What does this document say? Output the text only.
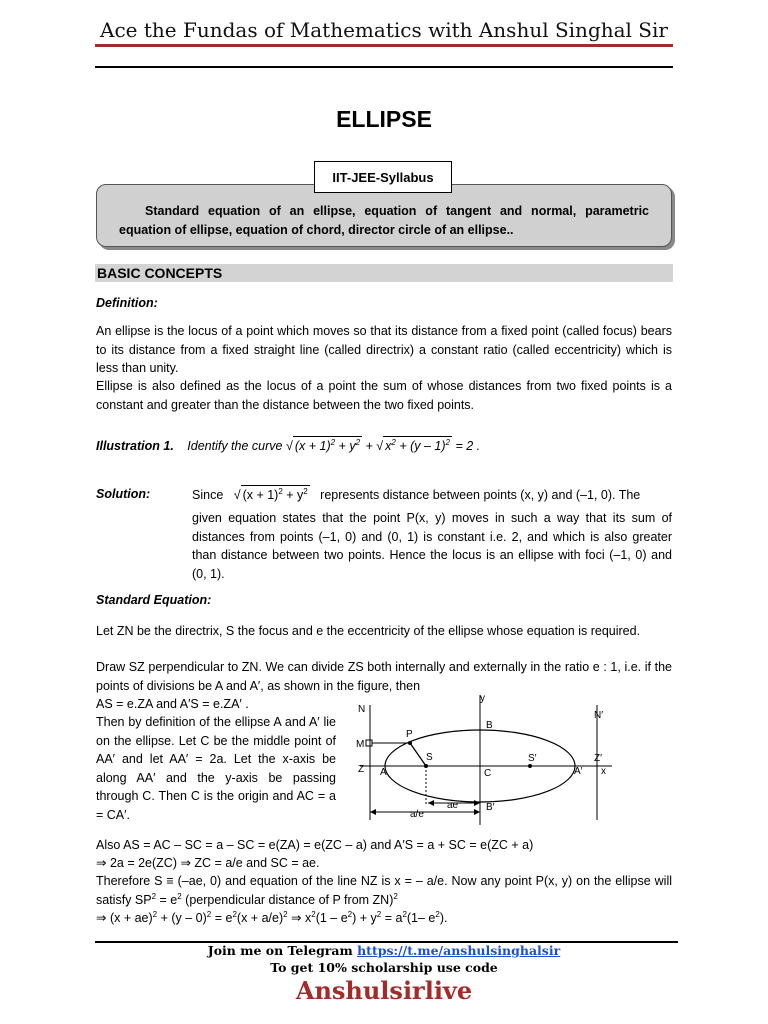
Ace the Fundas of Mathematics with Anshul Singhal Sir
ELLIPSE
IIT-JEE-Syllabus

Standard equation of an ellipse, equation of tangent and normal, parametric equation of ellipse, equation of chord, director circle of an ellipse..

BASIC CONCEPTS
Definition:
An ellipse is the locus of a point which moves so that its distance from a fixed point (called focus) bears to its distance from a fixed straight line (called directrix) a constant ratio (called eccentricity) which is less than unity.
Ellipse is also defined as the locus of a point the sum of whose distances from two fixed points is a constant and greater than the distance between the two fixed points.
Illustration 1. Identify the curve √ $(x + 1)^2 + y^2$ + √ $x^2 + (y - 1)^2 = 2$ .
Solution:	Since   √ $(x + 1)^2 + y^2$ represents distance between points (x, y) and (–1, 0). The
given equation states that the point P(x, y) moves in such a way that its sum of distances from points (–1, 0) and (0, 1) is constant i.e. 2, and which is also greater than distance between two points. Hence the locus is an ellipse with foci (–1, 0) and (0, 1).
Standard Equation:
Let ZN be the directrix, S the focus and e the eccentricity of the ellipse whose equation is required.
Draw SZ perpendicular to ZN. We can divide ZS both internally and externally in the ratio e : 1, i.e. if the points of divisions be A and A′, as shown in the figure, then
AS = e.ZA and A′S = e.ZA′ .
Then by definition of the ellipse A and A′ lie on the ellipse. Let C be the middle point of AA′ and let AA′ = 2a. Let the x-axis be along AA′ and the y-axis be passing through C. Then C is the origin and AC = a = CA′.
y
N
N′
B
P
M
S	S′	Z′
Z A	C	A′ x
ae	B′
a/e
Also AS = AC – SC = a – SC = e(ZA) = e(ZC – a) and A′S = a + SC = e(ZC + a)
⇒ 2a = 2e(ZC) ⇒ ZC = a/e and SC = ae.
Therefore S ≡ (–ae, 0) and equation of the line NZ is x = – a/e. Now any point P(x, y) on the ellipse will satisfy $SP^2 = e^2$ (perpendicular distance of P from ZN)$^2$
⇒ $(x + ae)^2 + (y - 0)^2 = e^2(x + a/e)^2$ ⇒ $x^2(1 - e^2) + y^2 = a^2(1-$ $e^2$).
Join me on Telegram https://t.me/anshulsinghalsir
To get 10% scholarship use code
Anshulsirlive
